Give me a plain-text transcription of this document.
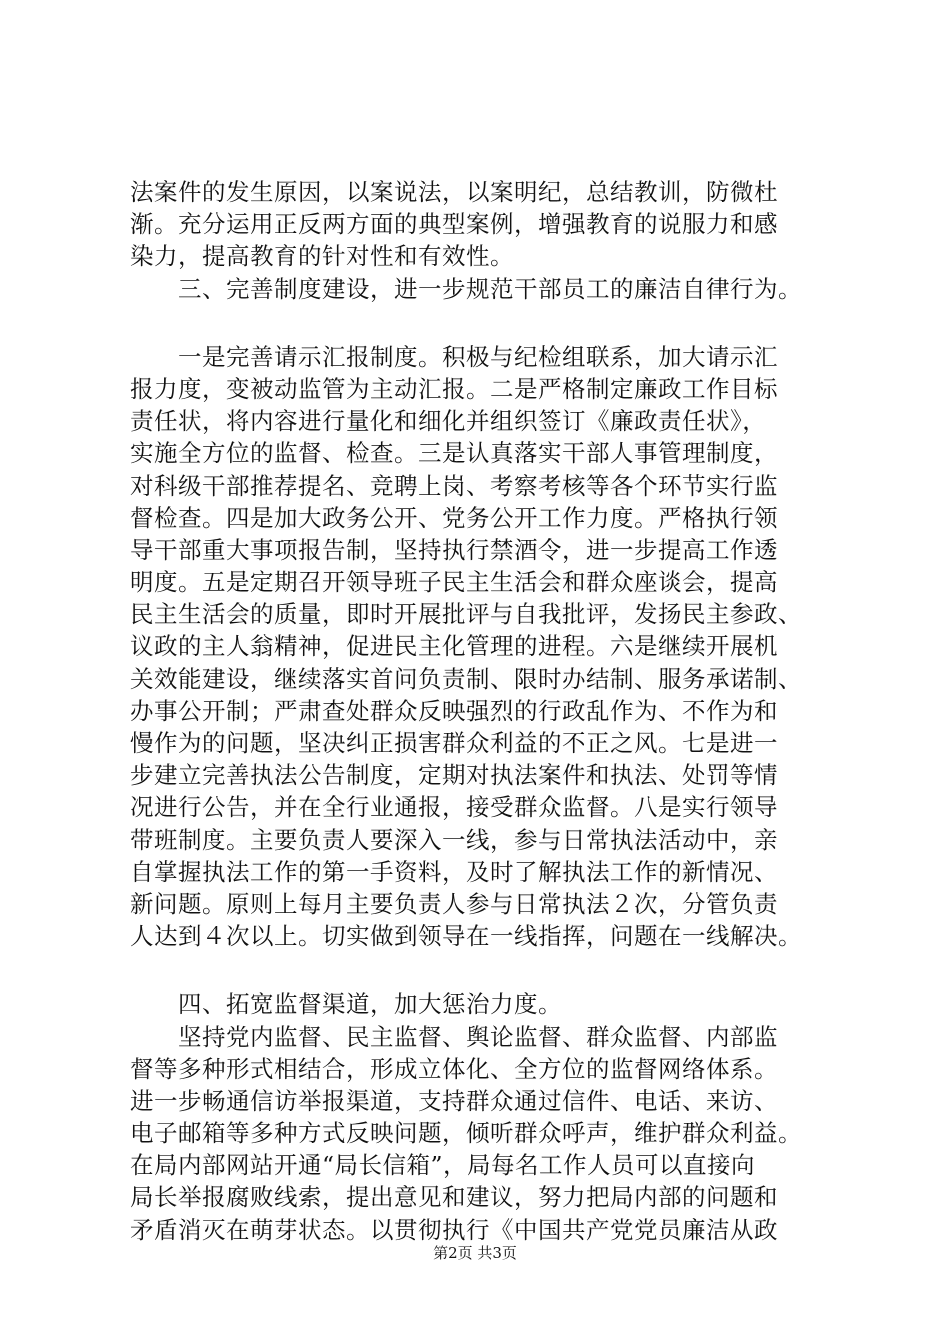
法案件的发生原因，以案说法，以案明纪，总结教训，防微杜
渐。充分运用正反两方面的典型案例，增强教育的说服力和感
染力，提高教育的针对性和有效性。
　　三、完善制度建设，进一步规范干部员工的廉洁自律行为。
　　一是完善请示汇报制度。积极与纪检组联系，加大请示汇
报力度，变被动监管为主动汇报。二是严格制定廉政工作目标
责任状，将内容进行量化和细化并组织签订《廉政责任状》，
实施全方位的监督、检查。三是认真落实干部人事管理制度，
对科级干部推荐提名、竞聘上岗、考察考核等各个环节实行监
督检查。四是加大政务公开、党务公开工作力度。严格执行领
导干部重大事项报告制，坚持执行禁酒令，进一步提高工作透
明度。五是定期召开领导班子民主生活会和群众座谈会，提高
民主生活会的质量，即时开展批评与自我批评，发扬民主参政、
议政的主人翁精神，促进民主化管理的进程。六是继续开展机
关效能建设，继续落实首问负责制、限时办结制、服务承诺制、
办事公开制；严肃查处群众反映强烈的行政乱作为、不作为和
慢作为的问题，坚决纠正损害群众利益的不正之风。七是进一
步建立完善执法公告制度，定期对执法案件和执法、处罚等情
况进行公告，并在全行业通报，接受群众监督。八是实行领导
带班制度。主要负责人要深入一线，参与日常执法活动中，亲
自掌握执法工作的第一手资料，及时了解执法工作的新情况、
新问题。原则上每月主要负责人参与日常执法２次，分管负责
人达到４次以上。切实做到领导在一线指挥，问题在一线解决。
　　四、拓宽监督渠道，加大惩治力度。
　　坚持党内监督、民主监督、舆论监督、群众监督、内部监
督等多种形式相结合，形成立体化、全方位的监督网络体系。
进一步畅通信访举报渠道，支持群众通过信件、电话、来访、
电子邮箱等多种方式反映问题，倾听群众呼声，维护群众利益。
在局内部网站开通“局长信箱”，局每名工作人员可以直接向
局长举报腐败线索，提出意见和建议，努力把局内部的问题和
矛盾消灭在萌芽状态。以贯彻执行《中国共产党党员廉洁从政
第2页 共3页
